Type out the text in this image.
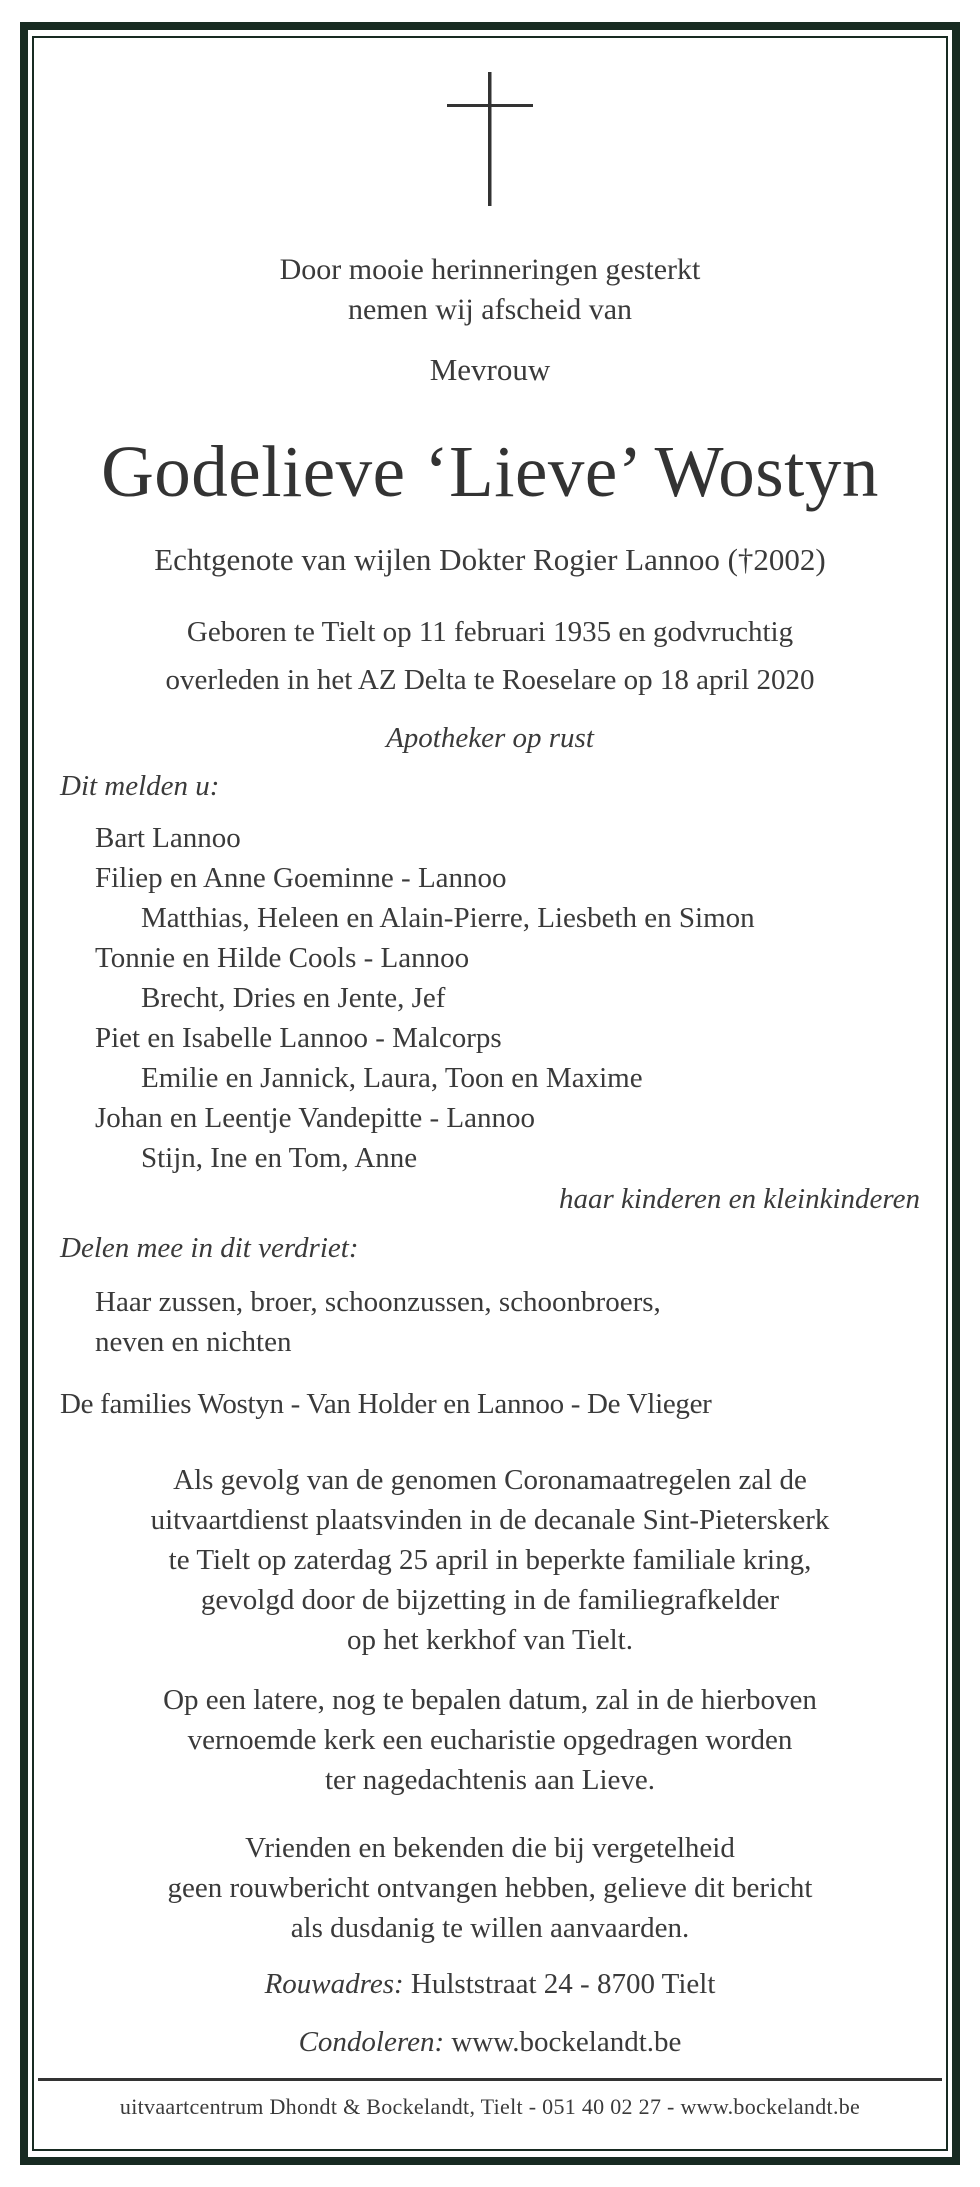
Door mooie herinneringen gesterkt
nemen wij afscheid van
Mevrouw
Godelieve ‘Lieve’ Wostyn
Echtgenote van wijlen Dokter Rogier Lannoo (†2002)
Geboren te Tielt op 11 februari 1935 en godvruchtig
overleden in het AZ Delta te Roeselare op 18 april 2020
Apotheker op rust
Dit melden u:
Bart Lannoo
Filiep en Anne Goeminne - Lannoo
Matthias, Heleen en Alain-Pierre, Liesbeth en Simon
Tonnie en Hilde Cools - Lannoo
Brecht, Dries en Jente, Jef
Piet en Isabelle Lannoo - Malcorps
Emilie en Jannick, Laura, Toon en Maxime
Johan en Leentje Vandepitte - Lannoo
Stijn, Ine en Tom, Anne
haar kinderen en kleinkinderen
Delen mee in dit verdriet:
Haar zussen, broer, schoonzussen, schoonbroers,
neven en nichten
De families Wostyn - Van Holder en Lannoo - De Vlieger
Als gevolg van de genomen Coronamaatregelen zal de
uitvaartdienst plaatsvinden in de decanale Sint-Pieterskerk
te Tielt op zaterdag 25 april in beperkte familiale kring,
gevolgd door de bijzetting in de familiegrafkelder
op het kerkhof van Tielt.
Op een latere, nog te bepalen datum, zal in de hierboven
vernoemde kerk een eucharistie opgedragen worden
ter nagedachtenis aan Lieve.
Vrienden en bekenden die bij vergetelheid
geen rouwbericht ontvangen hebben, gelieve dit bericht
als dusdanig te willen aanvaarden.
Rouwadres: Hulststraat 24 - 8700 Tielt
Condoleren: www.bockelandt.be
uitvaartcentrum Dhondt & Bockelandt, Tielt - 051 40 02 27 - www.bockelandt.be
